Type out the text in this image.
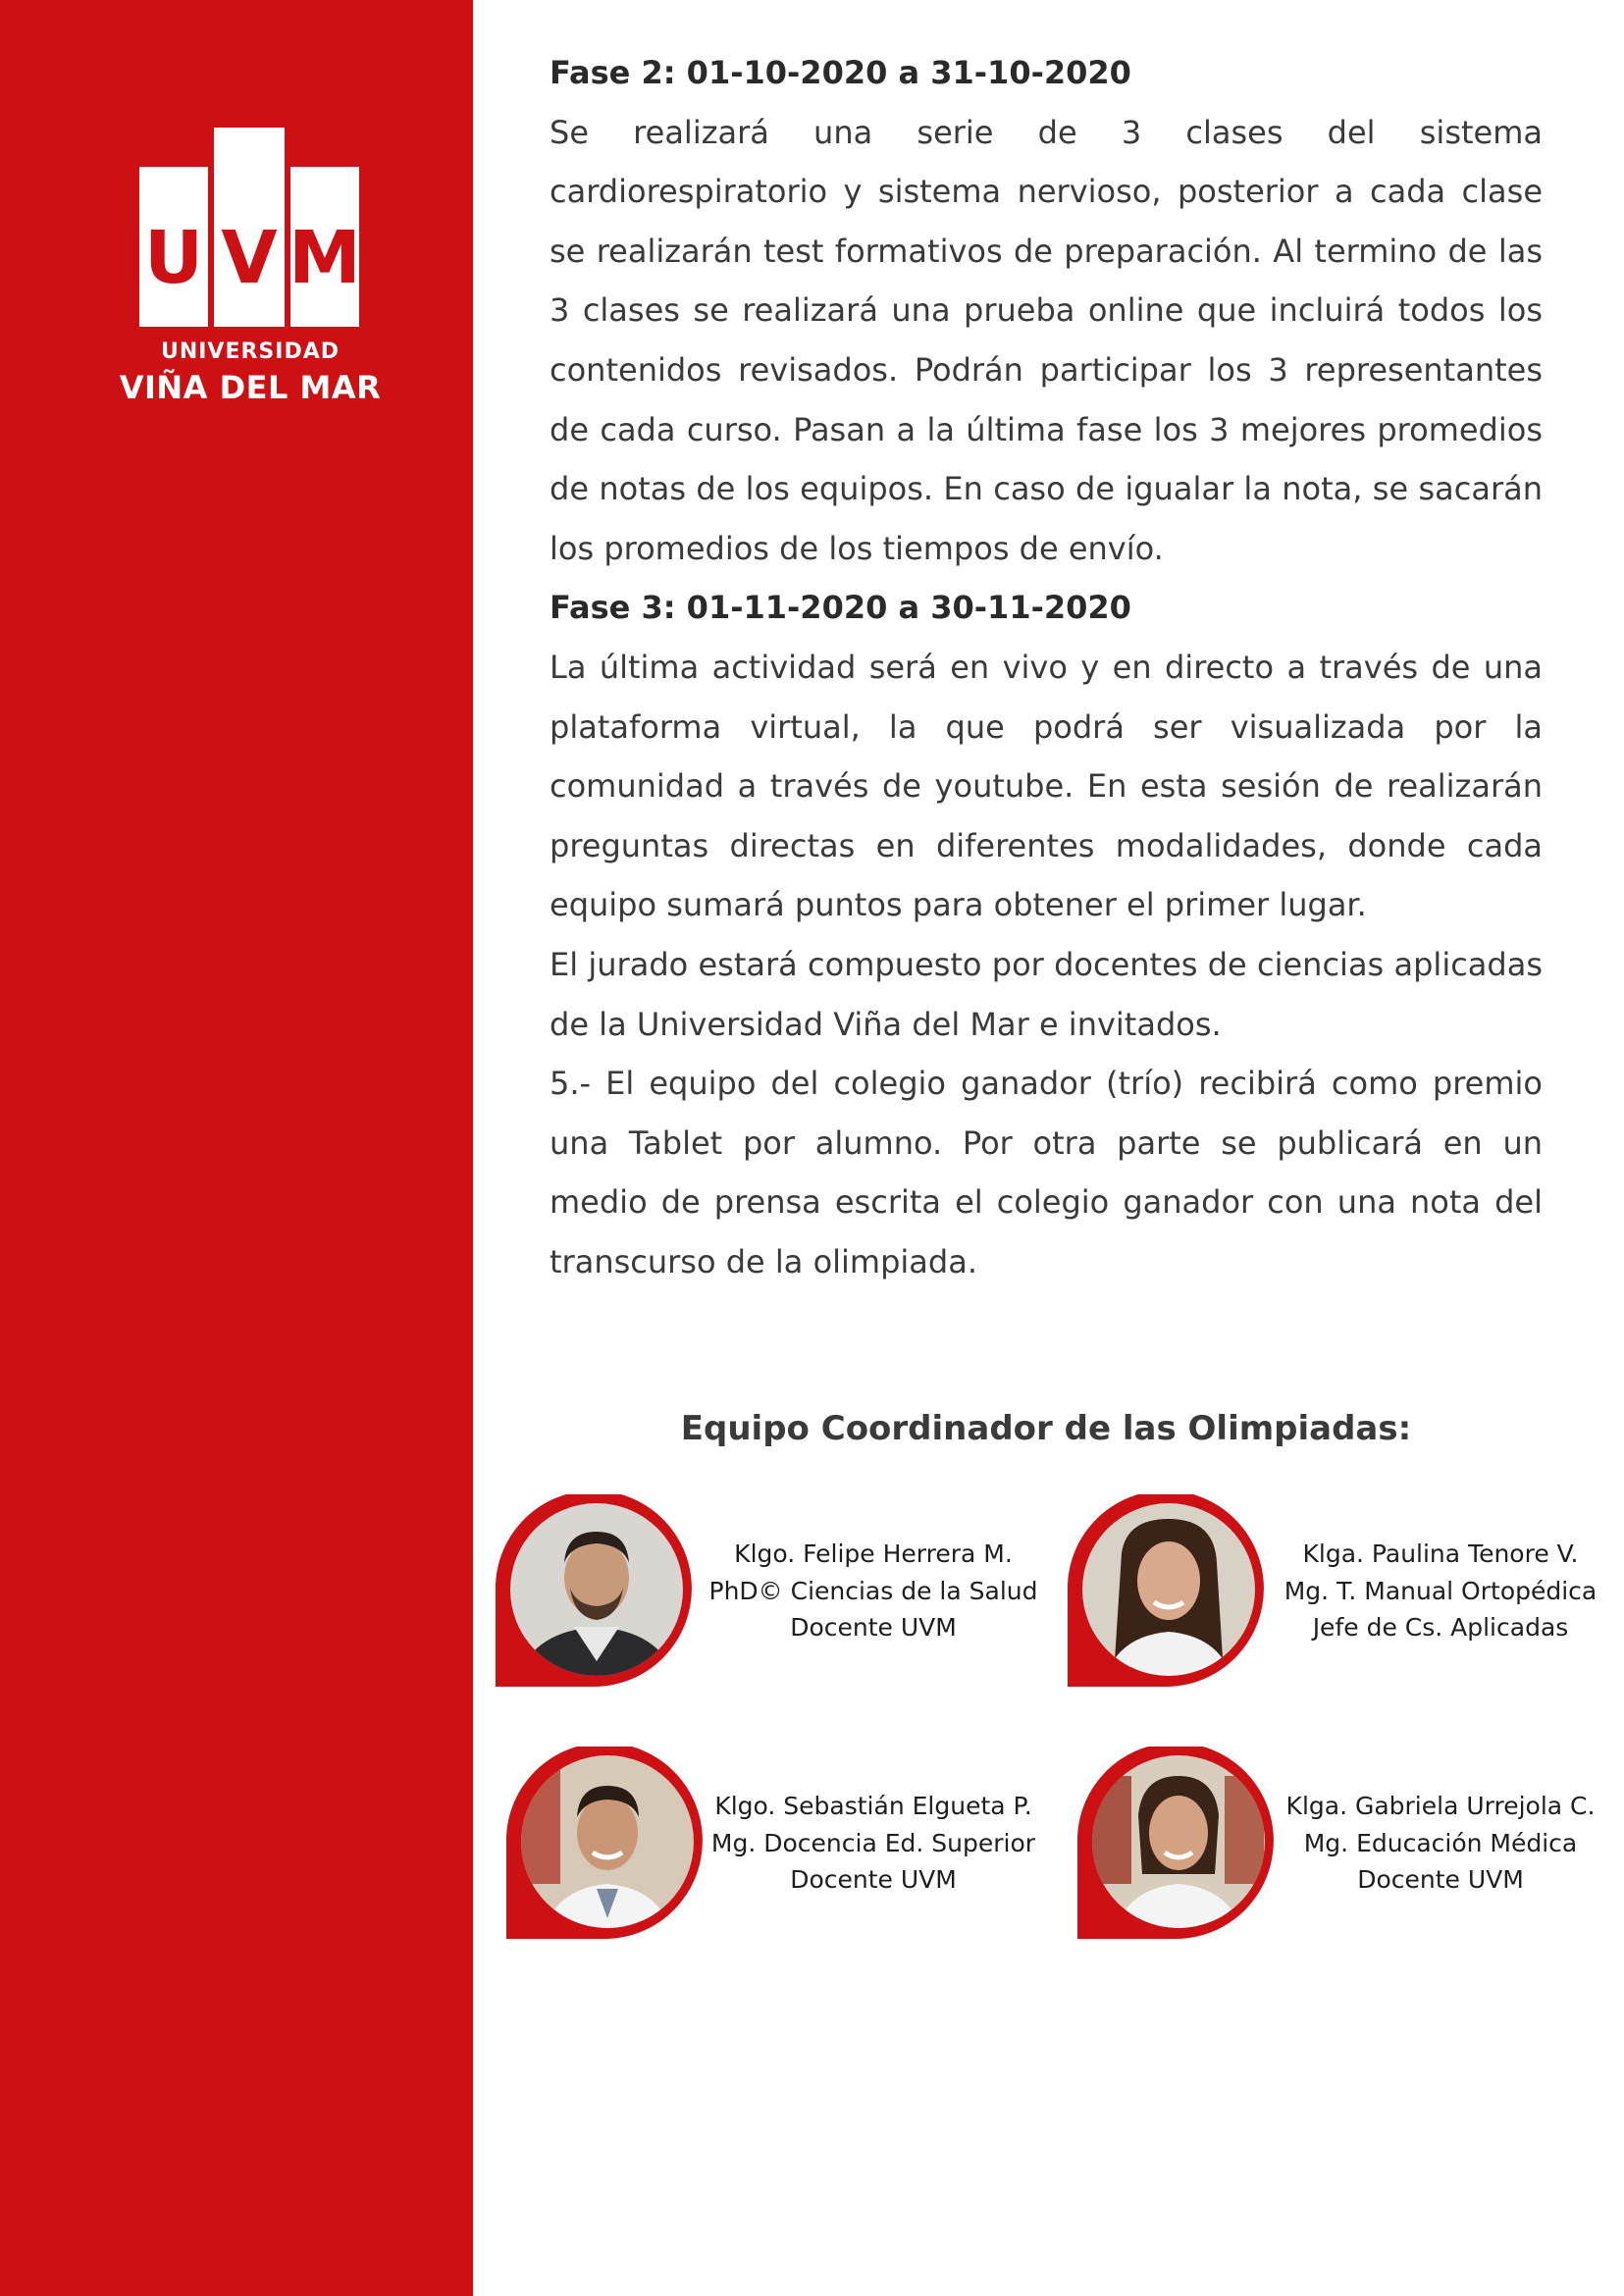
U V M
UNIVERSIDAD
VIÑA DEL MAR
Fase 2: 01-10-2020 a 31-10-2020

Se realizará una serie de 3 clases del sistema cardiorespiratorio y sistema nervioso, posterior a cada clase se realizarán test formativos de preparación. Al termino de las 3 clases se realizará una prueba online que incluirá todos los contenidos revisados. Podrán participar los 3 representantes de cada curso. Pasan a la última fase los 3 mejores promedios de notas de los equipos. En caso de igualar la nota, se sacarán los promedios de los tiempos de envío.

Fase 3: 01-11-2020 a 30-11-2020

La última actividad será en vivo y en directo a través de una plataforma virtual, la que podrá ser visualizada por la comunidad a través de youtube. En esta sesión de realizarán preguntas directas en diferentes modalidades, donde cada equipo sumará puntos para obtener el primer lugar.

El jurado estará compuesto por docentes de ciencias aplicadas de la Universidad Viña del Mar e invitados.

5.- El equipo del colegio ganador (trío) recibirá como premio una Tablet por alumno. Por otra parte se publicará en un medio de prensa escrita el colegio ganador con una nota del transcurso de la olimpiada.

Equipo Coordinador de las Olimpiadas:
Klgo. Felipe Herrera M.
PhD© Ciencias de la Salud
Docente UVM
Klga. Paulina Tenore V.
Mg. T. Manual Ortopédica
Jefe de Cs. Aplicadas
Klgo. Sebastián Elgueta P.
Mg. Docencia Ed. Superior
Docente UVM
Klga. Gabriela Urrejola C.
Mg. Educación Médica
Docente UVM
